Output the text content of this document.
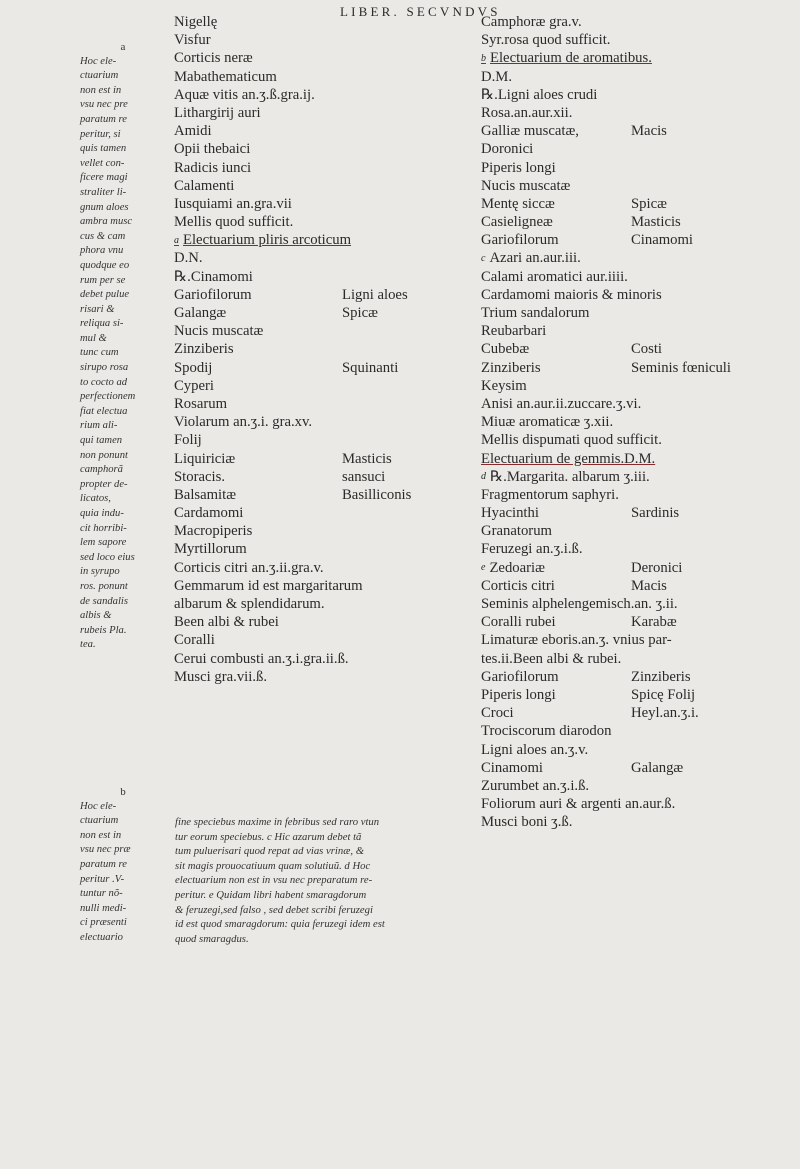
LIBER. SECVNDVS
a
Hoc ele-
ctuarium
non est in
vsu nec pre
paratum re
peritur, si
quis tamen
vellet con-
ficere magi
straliter li-
gnum aloes
ambra musc
cus & cam
phora vnu
quodque eo
rum per se
debet pulue
risari &
reliqua si-
mul &
tunc cum
sirupo rosa
to cocto ad
perfectionem
fiat electua
rium ali-
qui tamen
non ponunt
camphorã
propter de-
licatos,
quia indu-
cit horribi-
lem sapore
sed loco eius
in syrupo
ros. ponunt
de sandalis
albis &
rubeis Pla.
tea.
b
Hoc ele-
ctuarium
non est in
vsu nec præ
paratum re
peritur .V-
tuntur nõ-
nulli medi-
ci præsenti
electuario
Nigellę
Visfur
Corticis neræ
Mabathematicum
Aquæ vitis an.ʒ.ß.gra.ij.
Lithargirij auri
Amidi
Opii thebaici
Radicis iunci
Calamenti
Iusquiami an.gra.vii
Mellis quod sufficit.
a Electuarium pliris arcoticum
D.N.
℞.Cinamomi
Gariofilorum	Ligni aloes
Galangæ	Spicæ
Nucis muscatæ
Zinziberis
Spodij	Squinanti
Cyperi
Rosarum
Violarum an.ʒ.i. gra.xv.
Folij
Liquiriciæ	Masticis
Storacis.	sansuci
Balsamitæ	Basilliconis
Cardamomi
Macropiperis
Myrtillorum
Corticis citri an.ʒ.ii.gra.v.
Gemmarum id est margaritarum
albarum & splendidarum.
Been albi & rubei
Coralli
Cerui combusti an.ʒ.i.gra.ii.ß.
Musci gra.vii.ß.
Camphoræ gra.v.
Syr.rosa quod sufficit.
b Electuarium de aromatibus.
D.M.
℞.Ligni aloes crudi
Rosa.an.aur.xii.
Galliæ muscatæ,	Macis
Doronici
Piperis longi
Nucis muscatæ
Mentę siccæ	Spicæ
Casieligneæ	Masticis
Gariofilorum	Cinamomi
c Azari an.aur.iii.
Calami aromatici aur.iiii.
Cardamomi maioris & minoris
Trium sandalorum
Reubarbari
Cubebæ	Costi
Zinziberis	Seminis fœniculi
Keysim
Anisi an.aur.ii.zuccare.ʒ.vi.
Miuæ aromaticæ ʒ.xii.
Mellis dispumati quod sufficit.
Electuarium de gemmis.D.M.
d ℞.Margarita. albarum ʒ.iii.
Fragmentorum saphyri.
Hyacinthi	Sardinis
Granatorum
Feruzegi an.ʒ.i.ß.
e Zedoariæ	Deronici
Corticis citri	Macis
Seminis alphelengemisch.an. ʒ.ii.
Coralli rubei	Karabæ
Limaturæ eboris.an.ʒ. vnius par-
tes.ii.Been albi & rubei.
Gariofilorum	Zinziberis
Piperis longi	Spicę Folij
Croci	Heyl.an.ʒ.i.
Trociscorum diarodon
Ligni aloes an.ʒ.v.
Cinamomi	Galangæ
Zurumbet an.ʒ.i.ß.
Foliorum auri & argenti an.aur.ß.
Musci boni ʒ.ß.
fine speciebus maxime in febribus sed raro vtun
tur eorum speciebus. c Hic azarum debet tã
tum puluerisari quod repat ad vias vrinæ, &
sit magis prouocatiuum quam solutiuũ. d Hoc
electuarium non est in vsu nec preparatum re-
peritur. e Quidam libri habent smaragdorum
& feruzegi,sed falso , sed debet scribi feruzegi
id est quod smaragdorum: quia feruzegi idem est
quod smaragdus.
